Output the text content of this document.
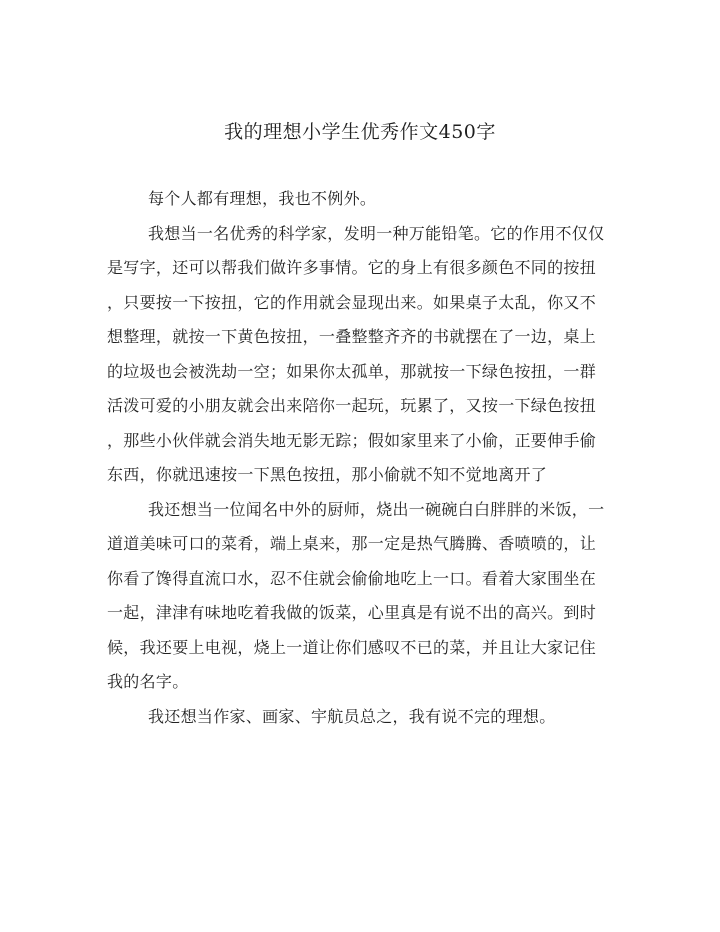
我的理想小学生优秀作文450字

每个人都有理想，我也不例外。

我想当一名优秀的科学家，发明一种万能铅笔。它的作用不仅仅
是写字，还可以帮我们做许多事情。它的身上有很多颜色不同的按扭
，只要按一下按扭，它的作用就会显现出来。如果桌子太乱，你又不
想整理，就按一下黄色按扭，一叠整整齐齐的书就摆在了一边，桌上
的垃圾也会被洗劫一空；如果你太孤单，那就按一下绿色按扭，一群
活泼可爱的小朋友就会出来陪你一起玩，玩累了，又按一下绿色按扭
，那些小伙伴就会消失地无影无踪；假如家里来了小偷，正要伸手偷
东西，你就迅速按一下黑色按扭，那小偷就不知不觉地离开了

我还想当一位闻名中外的厨师，烧出一碗碗白白胖胖的米饭，一
道道美味可口的菜肴，端上桌来，那一定是热气腾腾、香喷喷的，让
你看了馋得直流口水，忍不住就会偷偷地吃上一口。看着大家围坐在
一起，津津有味地吃着我做的饭菜，心里真是有说不出的高兴。到时
候，我还要上电视，烧上一道让你们感叹不已的菜，并且让大家记住
我的名字。

我还想当作家、画家、宇航员总之，我有说不完的理想。
